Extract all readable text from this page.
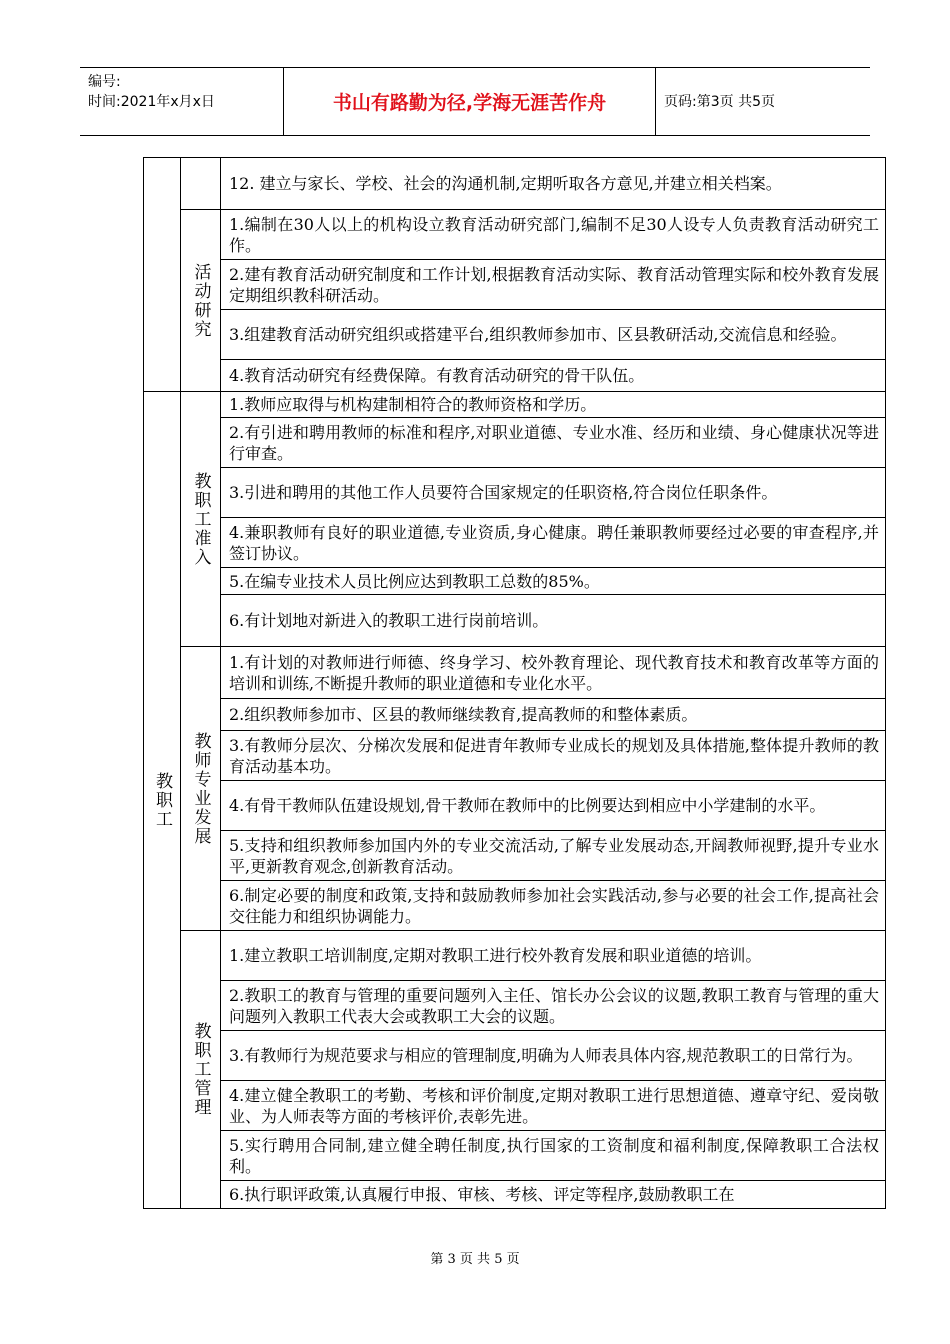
编号:
时间:2021年x月x日	书山有路勤为径,学海无涯苦作舟	页码:第3页 共5页

		12. 建立与家长、学校、社会的沟通机制,定期听取各方意见,并建立相关档案。

	活动研究	1.编制在30人以上的机构设立教育活动研究部门,编制不足30人设专人负责教育活动研究工作。

		2.建有教育活动研究制度和工作计划,根据教育活动实际、教育活动管理实际和校外教育发展定期组织教科研活动。

		3.组建教育活动研究组织或搭建平台,组织教师参加市、区县教研活动,交流信息和经验。

		4.教育活动研究有经费保障。有教育活动研究的骨干队伍。

教职工	教职工准入	1.教师应取得与机构建制相符合的教师资格和学历。

		2.有引进和聘用教师的标准和程序,对职业道德、专业水准、经历和业绩、身心健康状况等进行审查。

		3.引进和聘用的其他工作人员要符合国家规定的任职资格,符合岗位任职条件。

		4.兼职教师有良好的职业道德,专业资质,身心健康。聘任兼职教师要经过必要的审查程序,并签订协议。

		5.在编专业技术人员比例应达到教职工总数的85%。

		6.有计划地对新进入的教职工进行岗前培训。

	教师专业发展	1.有计划的对教师进行师德、终身学习、校外教育理论、现代教育技术和教育改革等方面的培训和训练,不断提升教师的职业道德和专业化水平。

		2.组织教师参加市、区县的教师继续教育,提高教师的和整体素质。

		3.有教师分层次、分梯次发展和促进青年教师专业成长的规划及具体措施,整体提升教师的教育活动基本功。

		4.有骨干教师队伍建设规划,骨干教师在教师中的比例要达到相应中小学建制的水平。

		5.支持和组织教师参加国内外的专业交流活动,了解专业发展动态,开阔教师视野,提升专业水平,更新教育观念,创新教育活动。

		6.制定必要的制度和政策,支持和鼓励教师参加社会实践活动,参与必要的社会工作,提高社会交往能力和组织协调能力。

	教职工管理	1.建立教职工培训制度,定期对教职工进行校外教育发展和职业道德的培训。

		2.教职工的教育与管理的重要问题列入主任、馆长办公会议的议题,教职工教育与管理的重大问题列入教职工代表大会或教职工大会的议题。

		3.有教师行为规范要求与相应的管理制度,明确为人师表具体内容,规范教职工的日常行为。

		4.建立健全教职工的考勤、考核和评价制度,定期对教职工进行思想道德、遵章守纪、爱岗敬业、为人师表等方面的考核评价,表彰先进。

		5.实行聘用合同制,建立健全聘任制度,执行国家的工资制度和福利制度,保障教职工合法权利。

		6.执行职评政策,认真履行申报、审核、考核、评定等程序,鼓励教职工在
第 3 页 共 5 页
